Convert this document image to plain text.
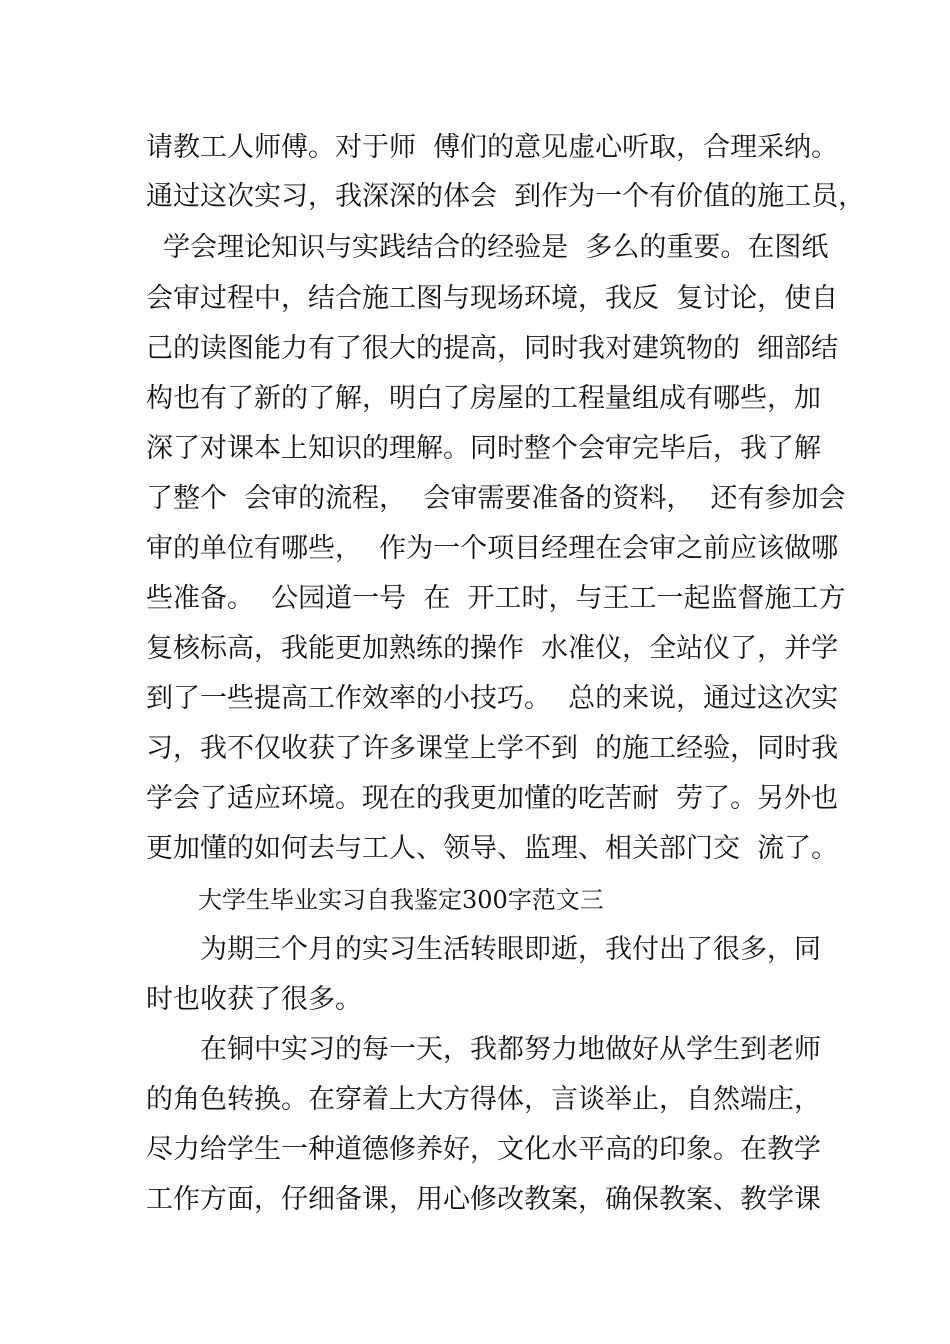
请教工人师傅。对于师  傅们的意见虚心听取，合理采纳。
通过这次实习，我深深的体会  到作为一个有价值的施工员，
学会理论知识与实践结合的经验是  多么的重要。在图纸
会审过程中，结合施工图与现场环境，我反  复讨论，使自
己的读图能力有了很大的提高，同时我对建筑物的  细部结
构也有了新的了解，明白了房屋的工程量组成有哪些，加
深了对课本上知识的理解。同时整个会审完毕后，我了解
了整个  会审的流程，  会审需要准备的资料，  还有参加会
审的单位有哪些，  作为一个项目经理在会审之前应该做哪
些准备。  公园道一号  在  开工时，与王工一起监督施工方
复核标高，我能更加熟练的操作  水准仪，全站仪了，并学
到了一些提高工作效率的小技巧。  总的来说，通过这次实
习，我不仅收获了许多课堂上学不到  的施工经验，同时我
学会了适应环境。现在的我更加懂的吃苦耐  劳了。另外也
更加懂的如何去与工人、领导、监理、相关部门交  流了。
大学生毕业实习自我鉴定300字范文三
为期三个月的实习生活转眼即逝，我付出了很多，同
时也收获了很多。
在铜中实习的每一天，我都努力地做好从学生到老师
的角色转换。在穿着上大方得体，言谈举止，自然端庄，
尽力给学生一种道德修养好，文化水平高的印象。在教学
工作方面，仔细备课，用心修改教案，确保教案、教学课
